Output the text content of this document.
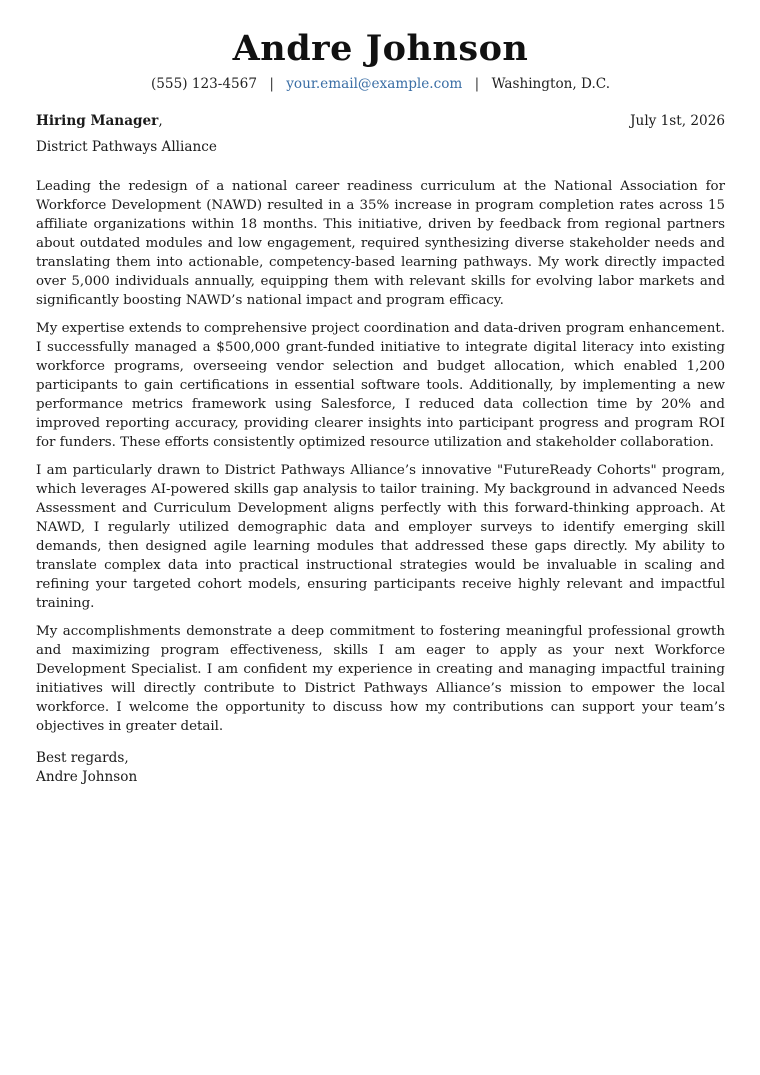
Andre Johnson
(555) 123-4567 | your.email@example.com | Washington, D.C.
Hiring Manager,	July 1st, 2026
District Pathways Alliance

Leading the redesign of a national career readiness curriculum at the National Association for Workforce Development (NAWD) resulted in a 35% increase in program completion rates across 15 affiliate organizations within 18 months. This initiative, driven by feedback from regional partners about outdated modules and low engagement, required synthesizing diverse stakeholder needs and translating them into actionable, competency-based learning pathways. My work directly impacted over 5,000 individuals annually, equipping them with relevant skills for evolving labor markets and significantly boosting NAWD’s national impact and program efficacy.

My expertise extends to comprehensive project coordination and data-driven program enhancement. I successfully managed a $500,000 grant-funded initiative to integrate digital literacy into existing workforce programs, overseeing vendor selection and budget allocation, which enabled 1,200 participants to gain certifications in essential software tools. Additionally, by implementing a new performance metrics framework using Salesforce, I reduced data collection time by 20% and improved reporting accuracy, providing clearer insights into participant progress and program ROI for funders. These efforts consistently optimized resource utilization and stakeholder collaboration.

I am particularly drawn to District Pathways Alliance’s innovative "FutureReady Cohorts" program, which leverages AI-powered skills gap analysis to tailor training. My background in advanced Needs Assessment and Curriculum Development aligns perfectly with this forward-thinking approach. At NAWD, I regularly utilized demographic data and employer surveys to identify emerging skill demands, then designed agile learning modules that addressed these gaps directly. My ability to translate complex data into practical instructional strategies would be invaluable in scaling and refining your targeted cohort models, ensuring participants receive highly relevant and impactful training.

My accomplishments demonstrate a deep commitment to fostering meaningful professional growth and maximizing program effectiveness, skills I am eager to apply as your next Workforce Development Specialist. I am confident my experience in creating and managing impactful training initiatives will directly contribute to District Pathways Alliance’s mission to empower the local workforce. I welcome the opportunity to discuss how my contributions can support your team’s objectives in greater detail.

Best regards,
Andre Johnson
